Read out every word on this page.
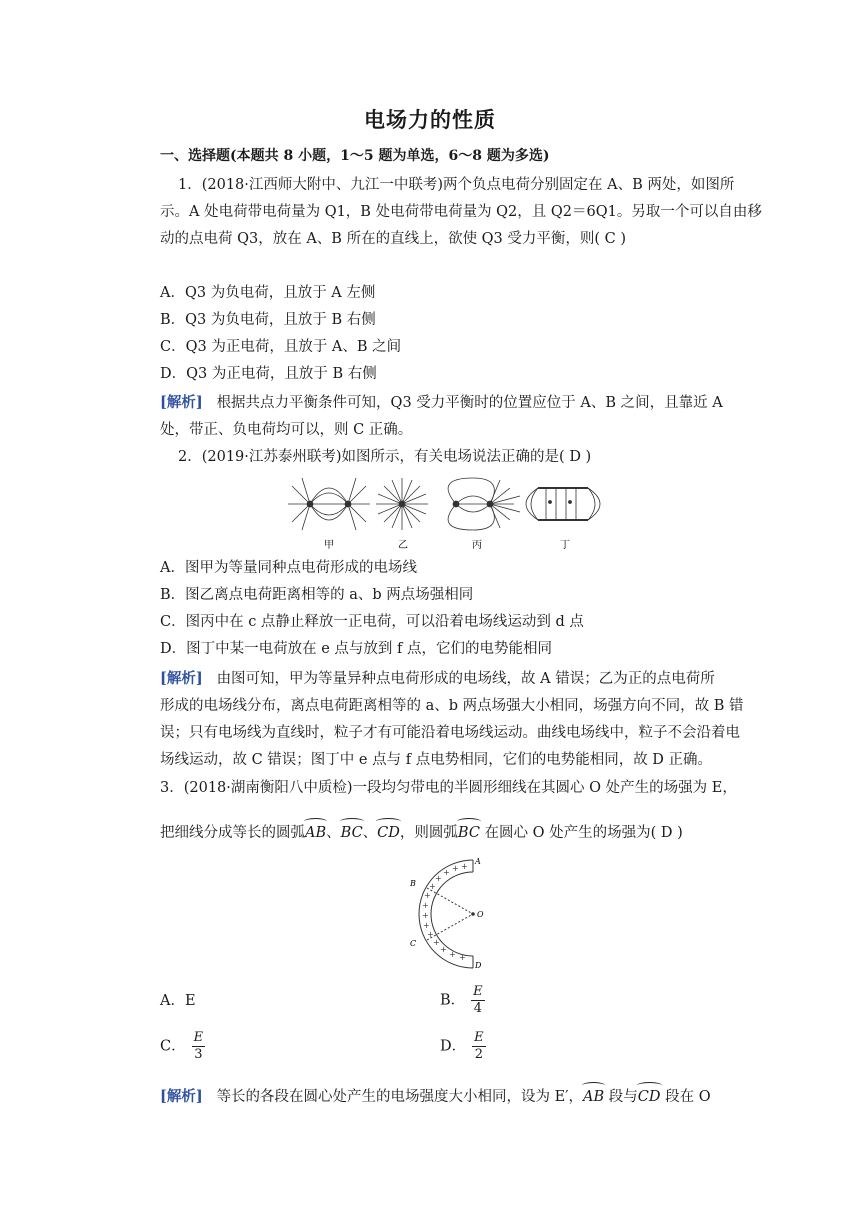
电场力的性质
一、选择题(本题共 8 小题，1～5 题为单选，6～8 题为多选)
1．(2018·江西师大附中、九江一中联考)两个负点电荷分别固定在 A、B 两处，如图所
示。A 处电荷带电荷量为 Q1，B 处电荷带电荷量为 Q2，且 Q2＝6Q1。另取一个可以自由移
动的点电荷 Q3，放在 A、B 所在的直线上，欲使 Q3 受力平衡，则( C )
A．Q3 为负电荷，且放于 A 左侧
B．Q3 为负电荷，且放于 B 右侧
C．Q3 为正电荷，且放于 A、B 之间
D．Q3 为正电荷，且放于 B 右侧
[解析] 根据共点力平衡条件可知，Q3 受力平衡时的位置应位于 A、B 之间，且靠近 A
处，带正、负电荷均可以，则 C 正确。
2．(2019·江苏泰州联考)如图所示，有关电场说法正确的是( D )
甲	乙	丙	丁
A．图甲为等量同种点电荷形成的电场线
B．图乙离点电荷距离相等的 a、b 两点场强相同
C．图丙中在 c 点静止释放一正电荷，可以沿着电场线运动到 d 点
D．图丁中某一电荷放在 e 点与放到 f 点，它们的电势能相同
[解析] 由图可知，甲为等量异种点电荷形成的电场线，故 A 错误；乙为正的点电荷所
形成的电场线分布，离点电荷距离相等的 a、b 两点场强大小相同，场强方向不同，故 B 错
误；只有电场线为直线时，粒子才有可能沿着电场线运动。曲线电场线中，粒子不会沿着电
场线运动，故 C 错误；图丁中 e 点与 f 点电势相同，它们的电势能相同，故 D 正确。
3．(2018·湖南衡阳八中质检)一段均匀带电的半圆形细线在其圆心 O 处产生的场强为 E，
把细线分成等长的圆弧AB、BC、CD，则圆弧BC 在圆心 O 处产生的场强为( D )
+
+
+
+
+
+
+
+
+
+
+
+
+ +
A
B
O
C
D
A．E	B． $\frac{E}{4}$
C． $\frac{E}{3}$	D． $\frac{E}{2}$
[解析] 等长的各段在圆心处产生的电场强度大小相同，设为 E′，AB 段与CD 段在 O
